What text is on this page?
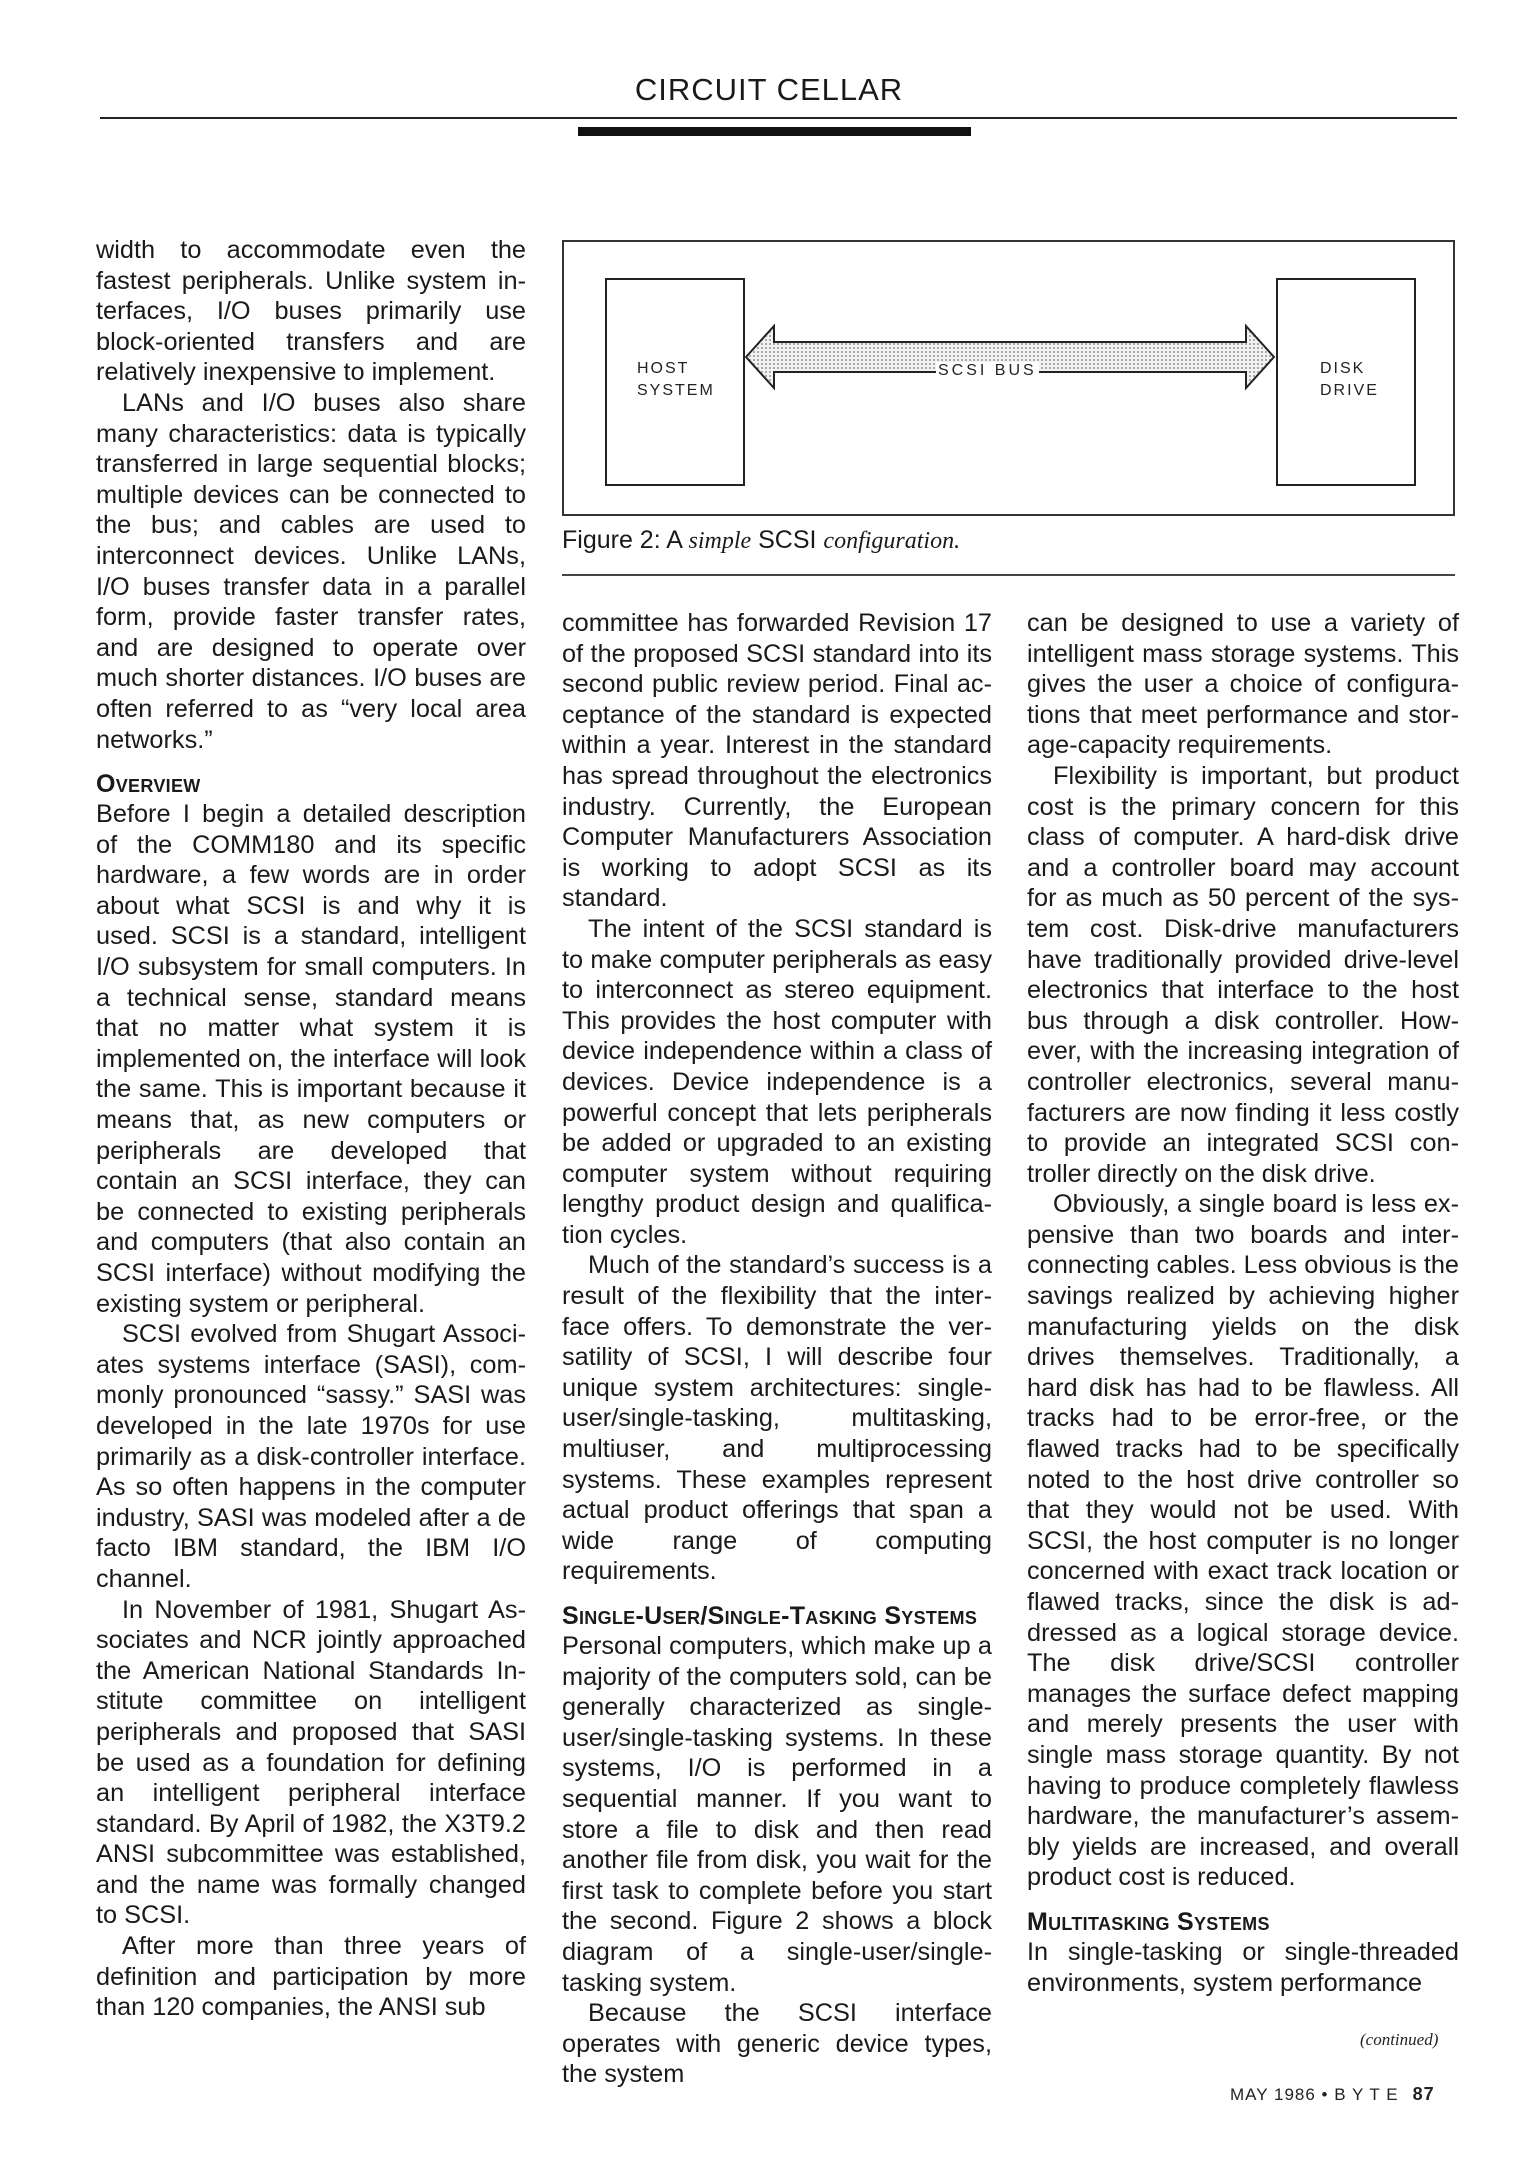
CIRCUIT CELLAR

width to accommodate even the fastest peripherals. Unlike system interfaces, I/O buses primarily use block-oriented transfers and are relatively inexpensive to implement.

LANs and I/O buses also share many characteristics: data is typically transferred in large sequential blocks; multiple devices can be connected to the bus; and cables are used to interconnect devices. Unlike LANs, I/O buses transfer data in a parallel form, provide faster transfer rates, and are designed to operate over much shorter distances. I/O buses are often referred to as “very local area networks.”

Overview

Before I begin a detailed description of the COMM180 and its specific hardware, a few words are in order about what SCSI is and why it is used. SCSI is a standard, intelligent I/O subsystem for small computers. In a technical sense, standard means that no matter what system it is implemented on, the interface will look the same. This is important because it means that, as new computers or peripherals are developed that contain an SCSI interface, they can be connected to existing peripherals and computers (that also contain an SCSI interface) without modifying the existing system or peripheral.

SCSI evolved from Shugart Associates systems interface (SASI), commonly pronounced “sassy.” SASI was developed in the late 1970s for use primarily as a disk-controller interface. As so often happens in the computer industry, SASI was modeled after a de facto IBM standard, the IBM I/O channel.

In November of 1981, Shugart Associates and NCR jointly approached the American National Standards Institute committee on intelligent peripherals and proposed that SASI be used as a foundation for defining an intelligent peripheral interface standard. By April of 1982, the X3T9.2 ANSI subcommittee was established, and the name was formally changed to SCSI.

After more than three years of definition and participation by more than 120 companies, the ANSI sub

HOST
SYSTEM
SCSI BUS	DISK
DRIVE
Figure 2: A simple SCSI configuration.

committee has forwarded Revision 17 of the proposed SCSI standard into its second public review period. Final acceptance of the standard is expected within a year. Interest in the standard has spread throughout the electronics industry. Currently, the European Computer Manufacturers Association is working to adopt SCSI as its standard.

The intent of the SCSI standard is to make computer peripherals as easy to interconnect as stereo equipment. This provides the host computer with device independence within a class of devices. Device independence is a powerful concept that lets peripherals be added or upgraded to an existing computer system without requiring lengthy product design and qualification cycles.

Much of the standard’s success is a result of the flexibility that the interface offers. To demonstrate the versatility of SCSI, I will describe four unique system architectures: single-user/single-tasking, multitasking, multiuser, and multiprocessing systems. These examples represent actual product offerings that span a wide range of computing requirements.

Single-User/Single-Tasking Systems

Personal computers, which make up a majority of the computers sold, can be generally characterized as single-user/single-tasking systems. In these systems, I/O is performed in a sequential manner. If you want to store a file to disk and then read another file from disk, you wait for the first task to complete before you start the second. Figure 2 shows a block diagram of a single-user/single-tasking system.

Because the SCSI interface operates with generic device types, the system

can be designed to use a variety of intelligent mass storage systems. This gives the user a choice of configurations that meet performance and storage-capacity requirements.

Flexibility is important, but product cost is the primary concern for this class of computer. A hard-disk drive and a controller board may account for as much as 50 percent of the system cost. Disk-drive manufacturers have traditionally provided drive-level electronics that interface to the host bus through a disk controller. However, with the increasing integration of controller electronics, several manufacturers are now finding it less costly to provide an integrated SCSI controller directly on the disk drive.

Obviously, a single board is less expensive than two boards and interconnecting cables. Less obvious is the savings realized by achieving higher manufacturing yields on the disk drives themselves. Traditionally, a hard disk has had to be flawless. All tracks had to be error-free, or the flawed tracks had to be specifically noted to the host drive controller so that they would not be used. With SCSI, the host computer is no longer concerned with exact track location or flawed tracks, since the disk is addressed as a logical storage device. The disk drive/SCSI controller manages the surface defect mapping and merely presents the user with single mass storage quantity. By not having to produce completely flawless hardware, the manufacturer’s assembly yields are increased, and overall product cost is reduced.

Multitasking Systems

In single-tasking or single-threaded environments, system performance

(continued)
MAY 1986 • B Y T E 87
